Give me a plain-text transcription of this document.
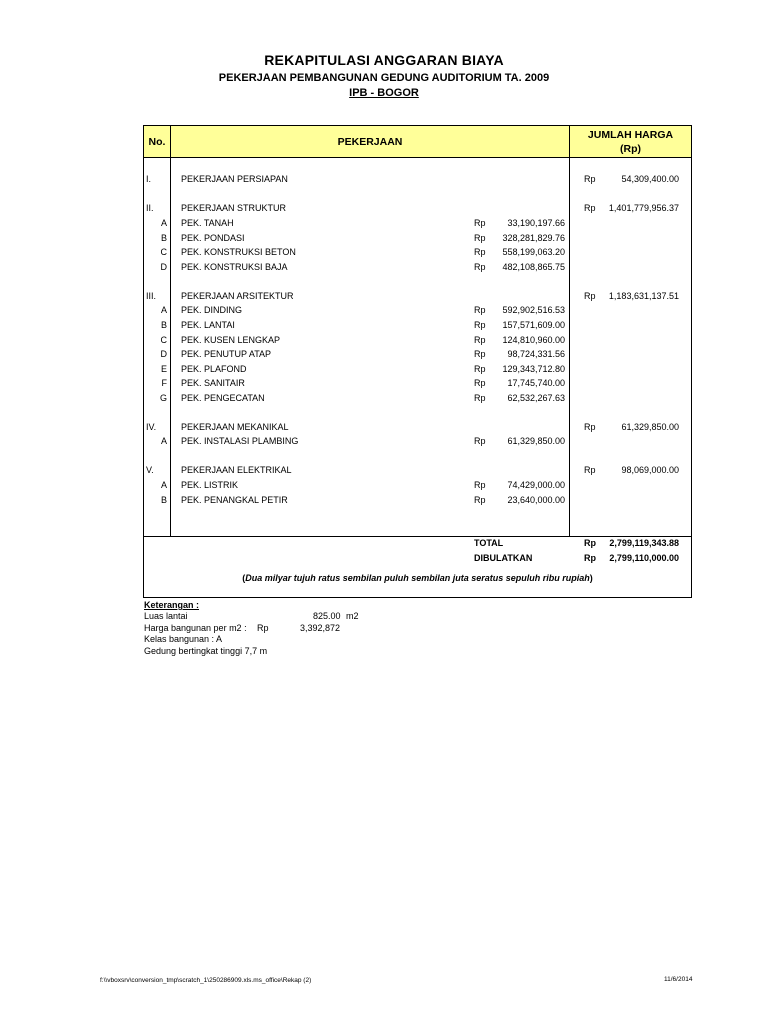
REKAPITULASI ANGGARAN BIAYA
PEKERJAAN PEMBANGUNAN GEDUNG AUDITORIUM TA. 2009
IPB - BOGOR
No.	PEKERJAAN
JUMLAH HARGA
(Rp)
I.	PEKERJAAN PERSIAPAN	Rp	54,309,400.00
II.	PEKERJAAN STRUKTUR	Rp	1,401,779,956.37
A PEK. TANAH	Rp	33,190,197.66
B PEK. PONDASI	Rp	328,281,829.76
C PEK. KONSTRUKSI BETON	Rp	558,199,063.20
D PEK. KONSTRUKSI BAJA	Rp	482,108,865.75
III.	PEKERJAAN ARSITEKTUR	Rp	1,183,631,137.51
A PEK. DINDING	Rp	592,902,516.53
B PEK. LANTAI	Rp	157,571,609.00
C PEK. KUSEN LENGKAP	Rp	124,810,960.00
D PEK. PENUTUP ATAP	Rp	98,724,331.56
E PEK. PLAFOND	Rp	129,343,712.80
F PEK. SANITAIR	Rp	17,745,740.00
G PEK. PENGECATAN	Rp	62,532,267.63
IV.	PEKERJAAN MEKANIKAL	Rp	61,329,850.00
A PEK. INSTALASI PLAMBING	Rp	61,329,850.00
V.	PEKERJAAN ELEKTRIKAL	Rp	98,069,000.00
A PEK. LISTRIK	Rp	74,429,000.00
B PEK. PENANGKAL PETIR	Rp	23,640,000.00
TOTAL	Rp	2,799,119,343.88
DIBULATKAN	Rp	2,799,110,000.00
(Dua milyar tujuh ratus sembilan puluh sembilan juta seratus sepuluh ribu rupiah)
Keterangan :
Luas lantai	825.00 m2
Harga bangunan per m2 : Rp	3,392,872
Kelas bangunan : A
Gedung bertingkat tinggi 7,7 m
f:\\vboxsrv\conversion_tmp\scratch_1\250286909.xls.ms_office\Rekap (2)	11/6/2014
